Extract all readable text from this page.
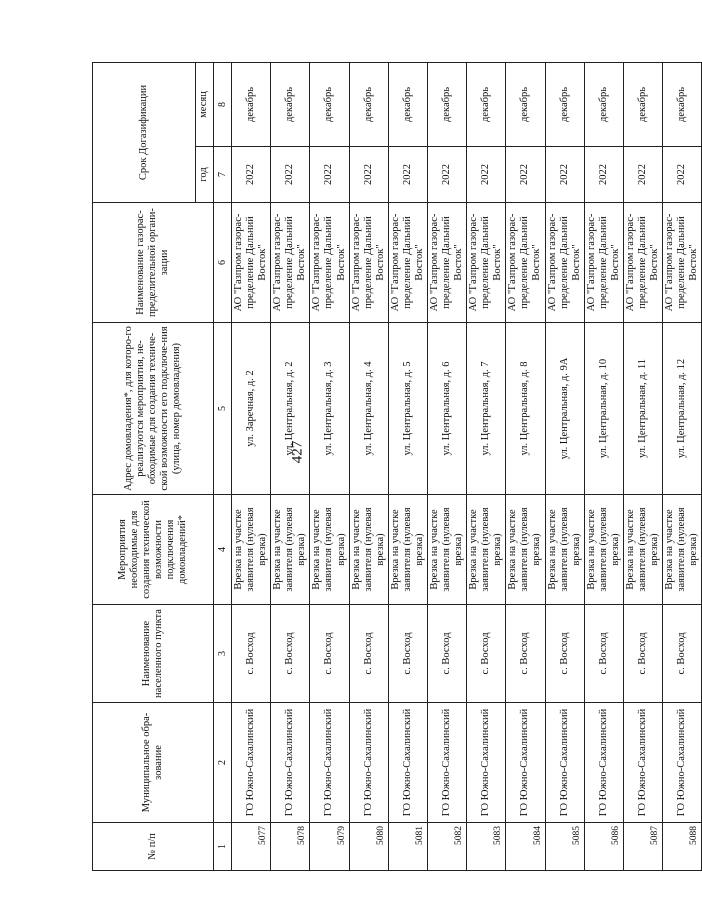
427
№ п/п	Муниципальное обра-зование	Наименование населенного пункта	Мероприятия необходимые для создания технической возможности подключения домовладений*	Адрес домовладения*, для которо-го реализуются мероприятия, не-обходимые для создания техниче-ской возможности его подключе-ния (улица, номер домовладения)	Наименование газорас-пределительной органи-зации	Срок Догазификации	
						год	месяц
1	2	3	4	5	6	7	8
5077	ГО Южно-Сахалинский	с. Восход	Врезка на участке заявителя (нулевая врезка)	ул. Заречная, д. 2	АО "Газпром газорас-пределение Дальний Восток"	2022	декабрь
5078	ГО Южно-Сахалинский	с. Восход	Врезка на участке заявителя (нулевая врезка)	ул. Центральная, д. 2	АО "Газпром газорас-пределение Дальний Восток"	2022	декабрь
5079	ГО Южно-Сахалинский	с. Восход	Врезка на участке заявителя (нулевая врезка)	ул. Центральная, д. 3	АО "Газпром газорас-пределение Дальний Восток"	2022	декабрь
5080	ГО Южно-Сахалинский	с. Восход	Врезка на участке заявителя (нулевая врезка)	ул. Центральная, д. 4	АО "Газпром газорас-пределение Дальний Восток"	2022	декабрь
5081	ГО Южно-Сахалинский	с. Восход	Врезка на участке заявителя (нулевая врезка)	ул. Центральная, д. 5	АО "Газпром газорас-пределение Дальний Восток"	2022	декабрь
5082	ГО Южно-Сахалинский	с. Восход	Врезка на участке заявителя (нулевая врезка)	ул. Центральная, д. 6	АО "Газпром газорас-пределение Дальний Восток"	2022	декабрь
5083	ГО Южно-Сахалинский	с. Восход	Врезка на участке заявителя (нулевая врезка)	ул. Центральная, д. 7	АО "Газпром газорас-пределение Дальний Восток"	2022	декабрь
5084	ГО Южно-Сахалинский	с. Восход	Врезка на участке заявителя (нулевая врезка)	ул. Центральная, д. 8	АО "Газпром газорас-пределение Дальний Восток"	2022	декабрь
5085	ГО Южно-Сахалинский	с. Восход	Врезка на участке заявителя (нулевая врезка)	ул. Центральная, д. 9А	АО "Газпром газорас-пределение Дальний Восток"	2022	декабрь
5086	ГО Южно-Сахалинский	с. Восход	Врезка на участке заявителя (нулевая врезка)	ул. Центральная, д. 10	АО "Газпром газорас-пределение Дальний Восток"	2022	декабрь
5087	ГО Южно-Сахалинский	с. Восход	Врезка на участке заявителя (нулевая врезка)	ул. Центральная, д. 11	АО "Газпром газорас-пределение Дальний Восток"	2022	декабрь
5088	ГО Южно-Сахалинский	с. Восход	Врезка на участке заявителя (нулевая врезка)	ул. Центральная, д. 12	АО "Газпром газорас-пределение Дальний Восток"	2022	декабрь
